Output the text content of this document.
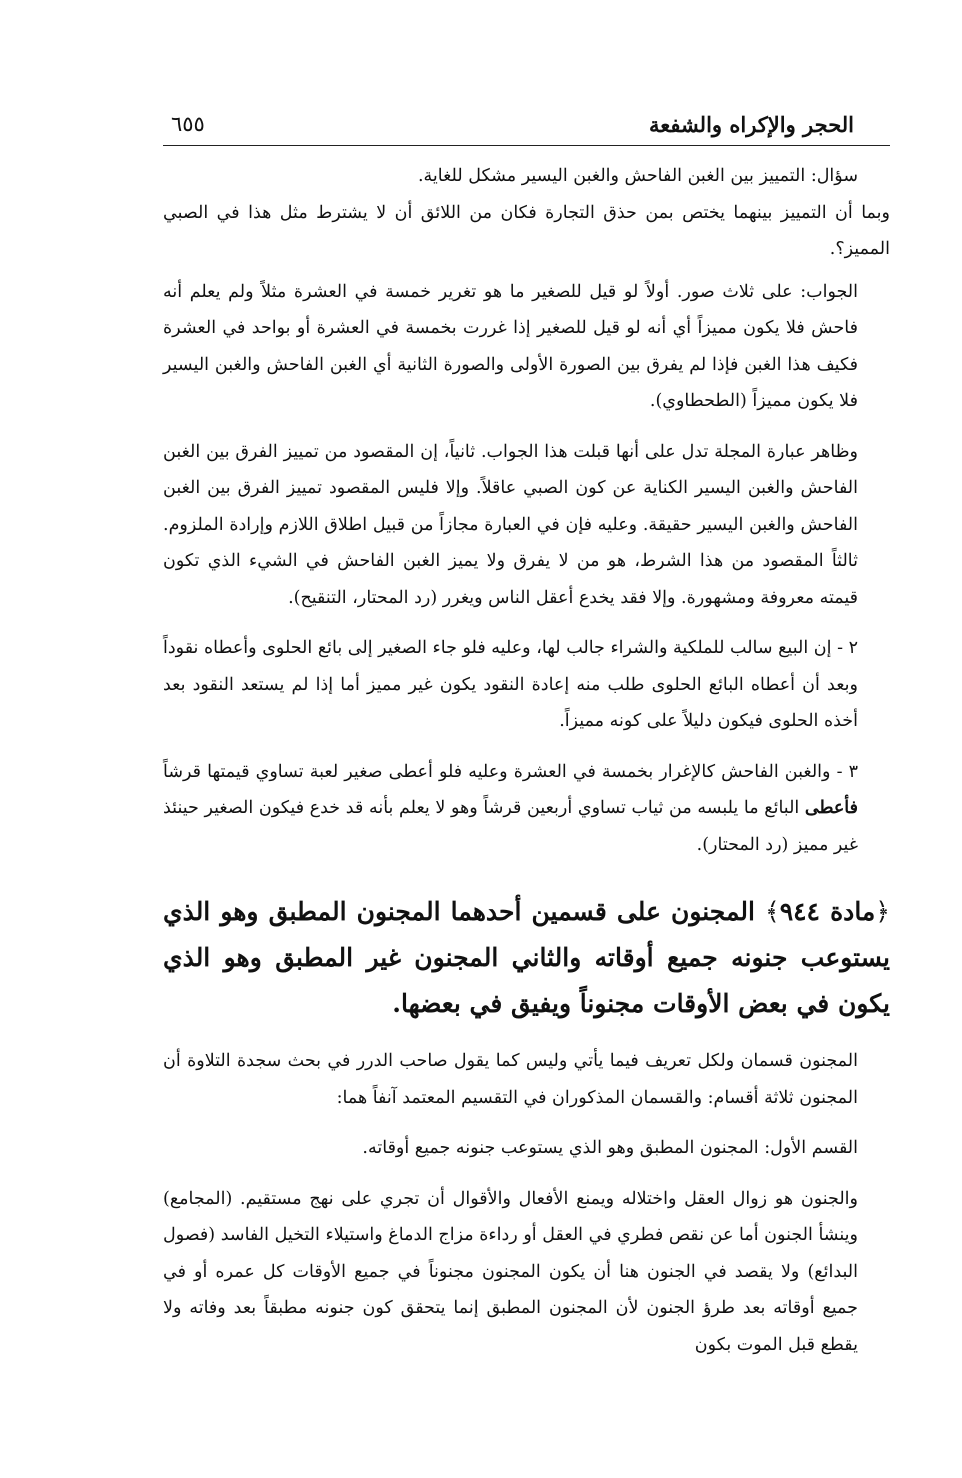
الحجر والإكراه والشفعة
٦٥٥

سؤال: التمييز بين الغبن الفاحش والغبن اليسير مشكل للغاية.
وبما أن التمييز بينهما يختص بمن حذق التجارة فكان من اللائق أن لا يشترط مثل هذا في الصبي المميز؟.

الجواب: على ثلاث صور. أولاً لو قيل للصغير ما هو تغرير خمسة في العشرة مثلاً ولم يعلم أنه فاحش فلا يكون مميزاً أي أنه لو قيل للصغير إذا غررت بخمسة في العشرة أو بواحد في العشرة فكيف هذا الغبن فإذا لم يفرق بين الصورة الأولى والصورة الثانية أي الغبن الفاحش والغبن اليسير فلا يكون مميزاً (الطحطاوي).

وظاهر عبارة المجلة تدل على أنها قبلت هذا الجواب. ثانياً، إن المقصود من تمييز الفرق بين الغبن الفاحش والغبن اليسير الكناية عن كون الصبي عاقلاً. وإلا فليس المقصود تمييز الفرق بين الغبن الفاحش والغبن اليسير حقيقة. وعليه فإن في العبارة مجازاً من قبيل اطلاق اللازم وإرادة الملزوم. ثالثاً المقصود من هذا الشرط، هو من لا يفرق ولا يميز الغبن الفاحش في الشيء الذي تكون قيمته معروفة ومشهورة. وإلا فقد يخدع أعقل الناس ويغرر (رد المحتار، التنقيح).

٢ - إن البيع سالب للملكية والشراء جالب لها، وعليه فلو جاء الصغير إلى بائع الحلوى وأعطاه نقوداً وبعد أن أعطاه البائع الحلوى طلب منه إعادة النقود يكون غير مميز أما إذا لم يستعد النقود بعد أخذه الحلوى فيكون دليلاً على كونه مميزاً.

٣ - والغبن الفاحش كالإغرار بخمسة في العشرة وعليه فلو أعطى صغير لعبة تساوي قيمتها قرشاً فأعطى البائع ما يلبسه من ثياب تساوي أربعين قرشاً وهو لا يعلم بأنه قد خدع فيكون الصغير حينئذ غير مميز (رد المحتار).

﴿مادة ٩٤٤﴾ المجنون على قسمين أحدهما المجنون المطبق وهو الذي يستوعب جنونه جميع أوقاته والثاني المجنون غير المطبق وهو الذي يكون في بعض الأوقات مجنوناً ويفيق في بعضها.

المجنون قسمان ولكل تعريف فيما يأتي وليس كما يقول صاحب الدرر في بحث سجدة التلاوة أن المجنون ثلاثة أقسام: والقسمان المذكوران في التقسيم المعتمد آنفاً هما:

القسم الأول: المجنون المطبق وهو الذي يستوعب جنونه جميع أوقاته.

والجنون هو زوال العقل واختلاله ويمنع الأفعال والأقوال أن تجري على نهج مستقيم. (المجامع) وينشأ الجنون أما عن نقص فطري في العقل أو رداءة مزاج الدماغ واستيلاء التخيل الفاسد (فصول البدائع) ولا يقصد في الجنون هنا أن يكون المجنون مجنوناً في جميع الأوقات كل عمره أو في جميع أوقاته بعد طرؤ الجنون لأن المجنون المطبق إنما يتحقق كون جنونه مطبقاً بعد وفاته ولا يقطع قبل الموت بكون
